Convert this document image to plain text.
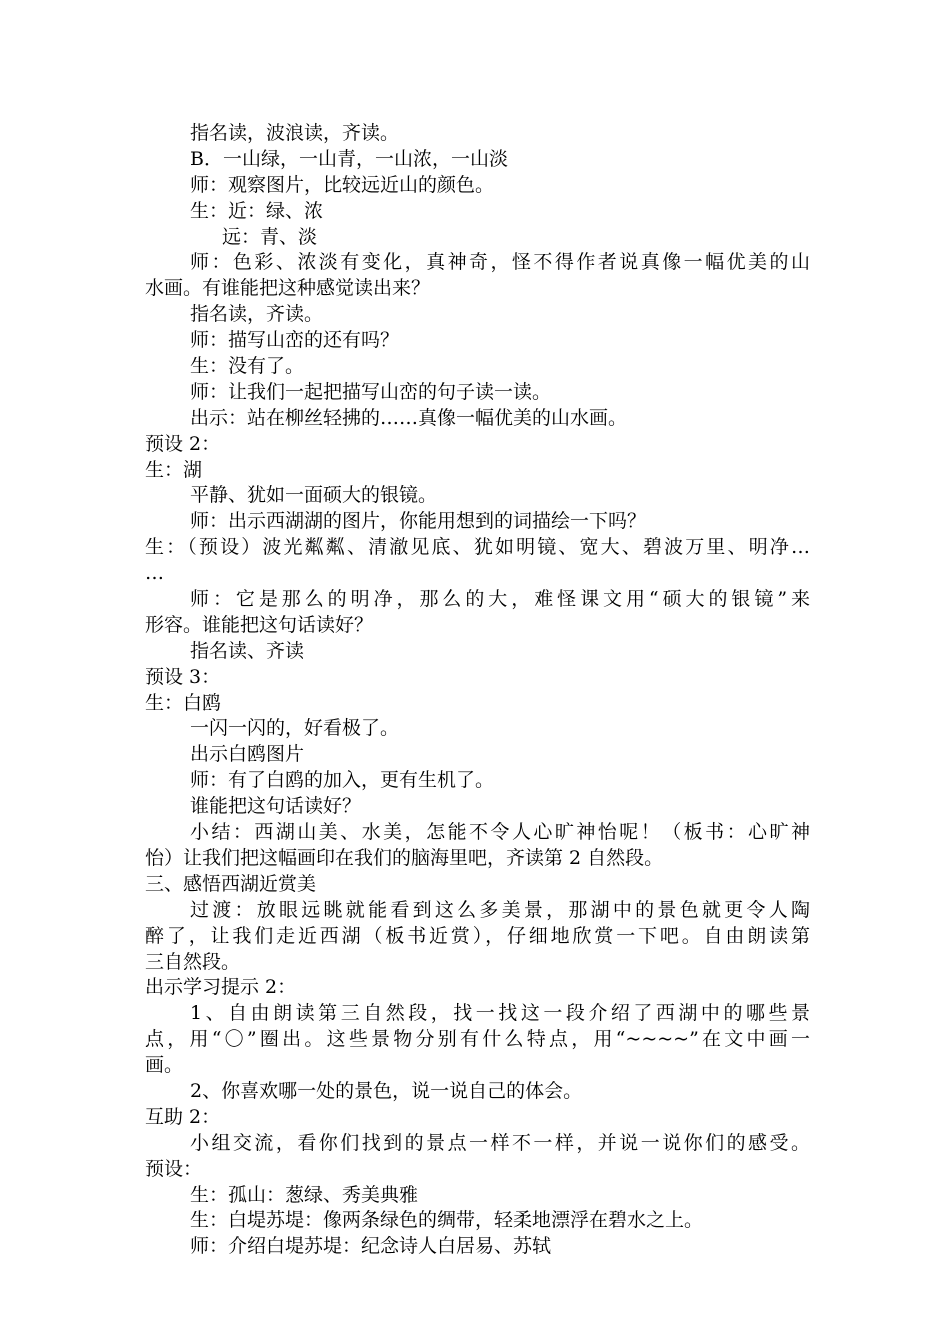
指名读，波浪读，齐读。
B．一山绿，一山青，一山浓，一山淡
师：观察图片，比较远近山的颜色。
生：近：绿、浓
远：青、淡
师：色彩、浓淡有变化，真神奇，怪不得作者说真像一幅优美的山
水画。有谁能把这种感觉读出来？
指名读，齐读。
师：描写山峦的还有吗？
生：没有了。
师：让我们一起把描写山峦的句子读一读。
出示：站在柳丝轻拂的……真像一幅优美的山水画。
预设 2：
生：湖
平静、犹如一面硕大的银镜。
师：出示西湖湖的图片，你能用想到的词描绘一下吗？
生：（预设）波光粼粼、清澈见底、犹如明镜、宽大、碧波万里、明净…
…
师：它是那么的明净，那么的大，难怪课文用“硕大的银镜”来
形容。谁能把这句话读好？
指名读、齐读
预设 3：
生：白鸥
一闪一闪的，好看极了。
出示白鸥图片
师：有了白鸥的加入，更有生机了。
谁能把这句话读好？
小结：西湖山美、水美，怎能不令人心旷神怡呢！（板书：心旷神
怡）让我们把这幅画印在我们的脑海里吧，齐读第 2 自然段。
三、感悟西湖近赏美
过渡：放眼远眺就能看到这么多美景，那湖中的景色就更令人陶
醉了，让我们走近西湖（板书近赏），仔细地欣赏一下吧。自由朗读第
三自然段。
出示学习提示 2：
1、自由朗读第三自然段，找一找这一段介绍了西湖中的哪些景
点，用“〇”圈出。这些景物分别有什么特点，用“~~~~”在文中画一
画。
2、你喜欢哪一处的景色，说一说自己的体会。
互助 2：
小组交流，看你们找到的景点一样不一样，并说一说你们的感受。
预设：
生：孤山：葱绿、秀美典雅
生：白堤苏堤：像两条绿色的绸带，轻柔地漂浮在碧水之上。
师：介绍白堤苏堤：纪念诗人白居易、苏轼
